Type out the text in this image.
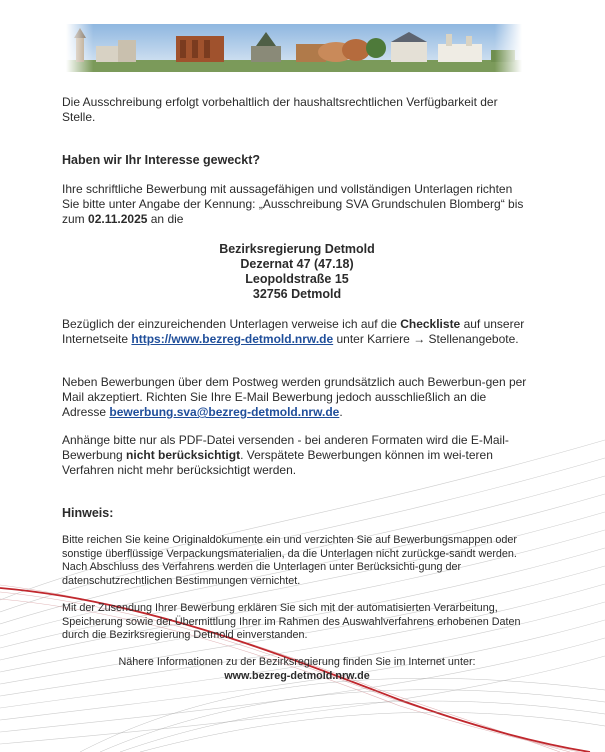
Die Ausschreibung erfolgt vorbehaltlich der haushaltsrechtlichen Verfügbarkeit der Stelle.

Haben wir Ihr Interesse geweckt?

Ihre schriftliche Bewerbung mit aussagefähigen und vollständigen Unterlagen richten Sie bitte unter Angabe der Kennung: „Ausschreibung SVA Grundschulen Blomberg“ bis zum 02.11.2025 an die

Bezirksregierung Detmold
Dezernat 47 (47.18)
Leopoldstraße 15
32756 Detmold

Bezüglich der einzureichenden Unterlagen verweise ich auf die Checkliste auf unserer Internetseite https://www.bezreg-detmold.nrw.de unter Karriere → Stellenangebote.

Neben Bewerbungen über dem Postweg werden grundsätzlich auch Bewerbun-gen per Mail akzeptiert. Richten Sie Ihre E-Mail Bewerbung jedoch ausschließlich an die Adresse bewerbung.sva@bezreg-detmold.nrw.de.

Anhänge bitte nur als PDF-Datei versenden - bei anderen Formaten wird die E-Mail-Bewerbung nicht berücksichtigt. Verspätete Bewerbungen können im wei-teren Verfahren nicht mehr berücksichtigt werden.

Hinweis:

Bitte reichen Sie keine Originaldokumente ein und verzichten Sie auf Bewerbungsmappen oder sonstige überflüssige Verpackungsmaterialien, da die Unterlagen nicht zurückge-sandt werden. Nach Abschluss des Verfahrens werden die Unterlagen unter Berücksichti-gung der datenschutzrechtlichen Bestimmungen vernichtet.

Mit der Zusendung Ihrer Bewerbung erklären Sie sich mit der automatisierten Verarbeitung, Speicherung sowie der Übermittlung Ihrer im Rahmen des Auswahlverfahrens erhobenen Daten durch die Bezirksregierung Detmold einverstanden.

Nähere Informationen zu der Bezirksregierung finden Sie im Internet unter:

www.bezreg-detmold.nrw.de
